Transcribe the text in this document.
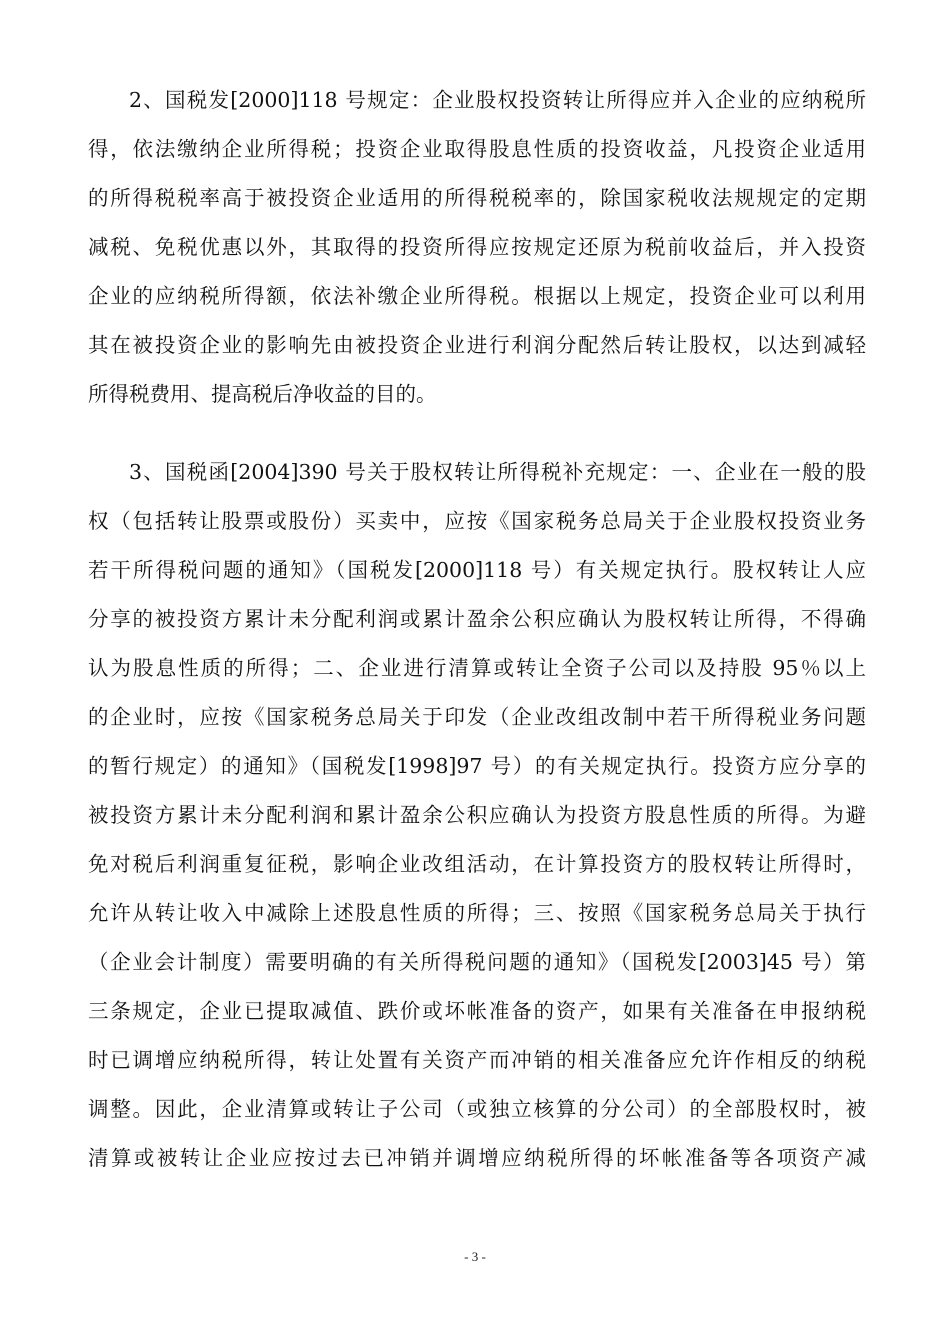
2、国税发[2000]118 号规定：企业股权投资转让所得应并入企业的应纳税所
得，依法缴纳企业所得税；投资企业取得股息性质的投资收益，凡投资企业适用
的所得税税率高于被投资企业适用的所得税税率的，除国家税收法规规定的定期
减税、免税优惠以外，其取得的投资所得应按规定还原为税前收益后，并入投资
企业的应纳税所得额，依法补缴企业所得税。根据以上规定，投资企业可以利用
其在被投资企业的影响先由被投资企业进行利润分配然后转让股权，以达到减轻
所得税费用、提高税后净收益的目的。
3、国税函[2004]390 号关于股权转让所得税补充规定：一、企业在一般的股
权（包括转让股票或股份）买卖中，应按《国家税务总局关于企业股权投资业务
若干所得税问题的通知》（国税发[2000]118 号）有关规定执行。股权转让人应
分享的被投资方累计未分配利润或累计盈余公积应确认为股权转让所得，不得确
认为股息性质的所得；二、企业进行清算或转让全资子公司以及持股 95％以上
的企业时，应按《国家税务总局关于印发（企业改组改制中若干所得税业务问题
的暂行规定）的通知》（国税发[1998]97 号）的有关规定执行。投资方应分享的
被投资方累计未分配利润和累计盈余公积应确认为投资方股息性质的所得。为避
免对税后利润重复征税，影响企业改组活动，在计算投资方的股权转让所得时，
允许从转让收入中减除上述股息性质的所得；三、按照《国家税务总局关于执行
（企业会计制度）需要明确的有关所得税问题的通知》（国税发[2003]45 号）第
三条规定，企业已提取减值、跌价或坏帐准备的资产，如果有关准备在申报纳税
时已调增应纳税所得，转让处置有关资产而冲销的相关准备应允许作相反的纳税
调整。因此，企业清算或转让子公司（或独立核算的分公司）的全部股权时，被
清算或被转让企业应按过去已冲销并调增应纳税所得的坏帐准备等各项资产减
- 3 -
